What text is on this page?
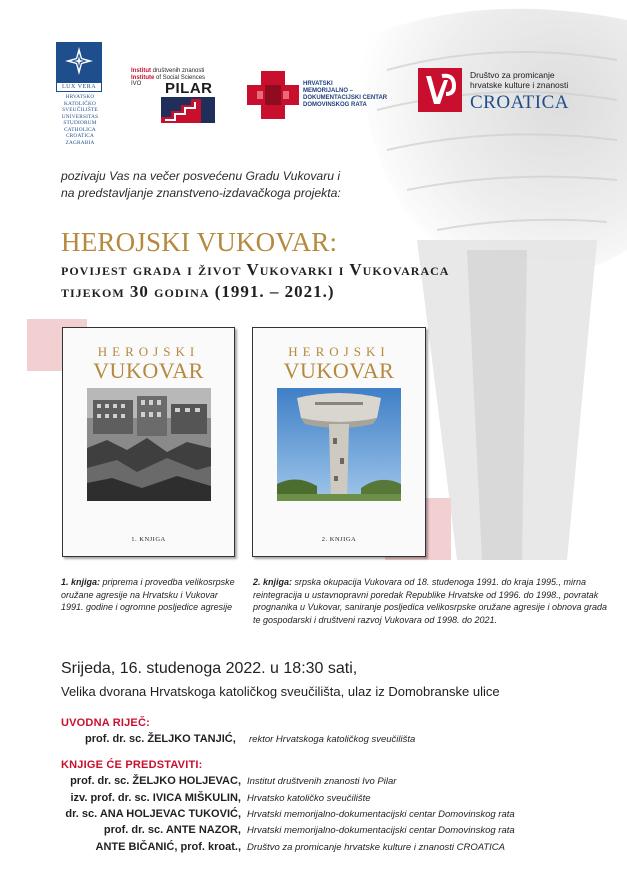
LUX VERA
HRVATSKO
KATOLIČKO
SVEUČILIŠTE
UNIVERSITAS
STUDIORUM
CATHOLICA
CROATICA
ZAGRABIA
Institut društvenih znanosti
Institute of Social Sciences
IVO	PILAR	HRVATSKI
MEMORIJALNO –
DOKUMENTACIJSKI CENTAR
DOMOVINSKOG RATA
Društvo za promicanje
hrvatske kulture i znanosti
CROATICA
pozivaju Vas na večer posvećenu Gradu Vukovaru i
na predstavljanje znanstveno-izdavačkoga projekta:
HEROJSKI VUKOVAR:
povijest grada i život Vukovarki i Vukovaraca
tijekom 30 godina (1991. – 2021.)
HEROJSKI
VUKOVAR
1. KNJIGA
HEROJSKI
VUKOVAR
2. KNJIGA
1. knjiga: priprema i provedba velikosrpske oružane agresije na Hrvatsku i Vukovar 1991. godine i ogromne posljedice agresije
2. knjiga: srpska okupacija Vukovara od 18. studenoga 1991. do kraja 1995., mirna reintegracija u ustavnopravni poredak Republike Hrvatske od 1996. do 1998., povratak prognanika u Vukovar, saniranje posljedica velikosrpske oružane agresije i obnova grada te gospodarski i društveni razvoj Vukovara od 1998. do 2021.
Srijeda, 16. studenoga 2022. u 18:30 sati,
Velika dvorana Hrvatskoga katoličkog sveučilišta, ulaz iz Domobranske ulice
UVODNA RIJEČ:
prof. dr. sc. ŽELJKO TANJIĆ, rektor Hrvatskoga katoličkog sveučilišta
KNJIGE ĆE PREDSTAVITI:
prof. dr. sc. ŽELJKO HOLJEVAC, Institut društvenih znanosti Ivo Pilar
izv. prof. dr. sc. IVICA MIŠKULIN, Hrvatsko katoličko sveučilište
dr. sc. ANA HOLJEVAC TUKOVIĆ, Hrvatski memorijalno-dokumentacijski centar Domovinskog rata
prof. dr. sc. ANTE NAZOR, Hrvatski memorijalno-dokumentacijski centar Domovinskog rata
ANTE BIČANIĆ, prof. kroat., Društvo za promicanje hrvatske kulture i znanosti CROATICA
